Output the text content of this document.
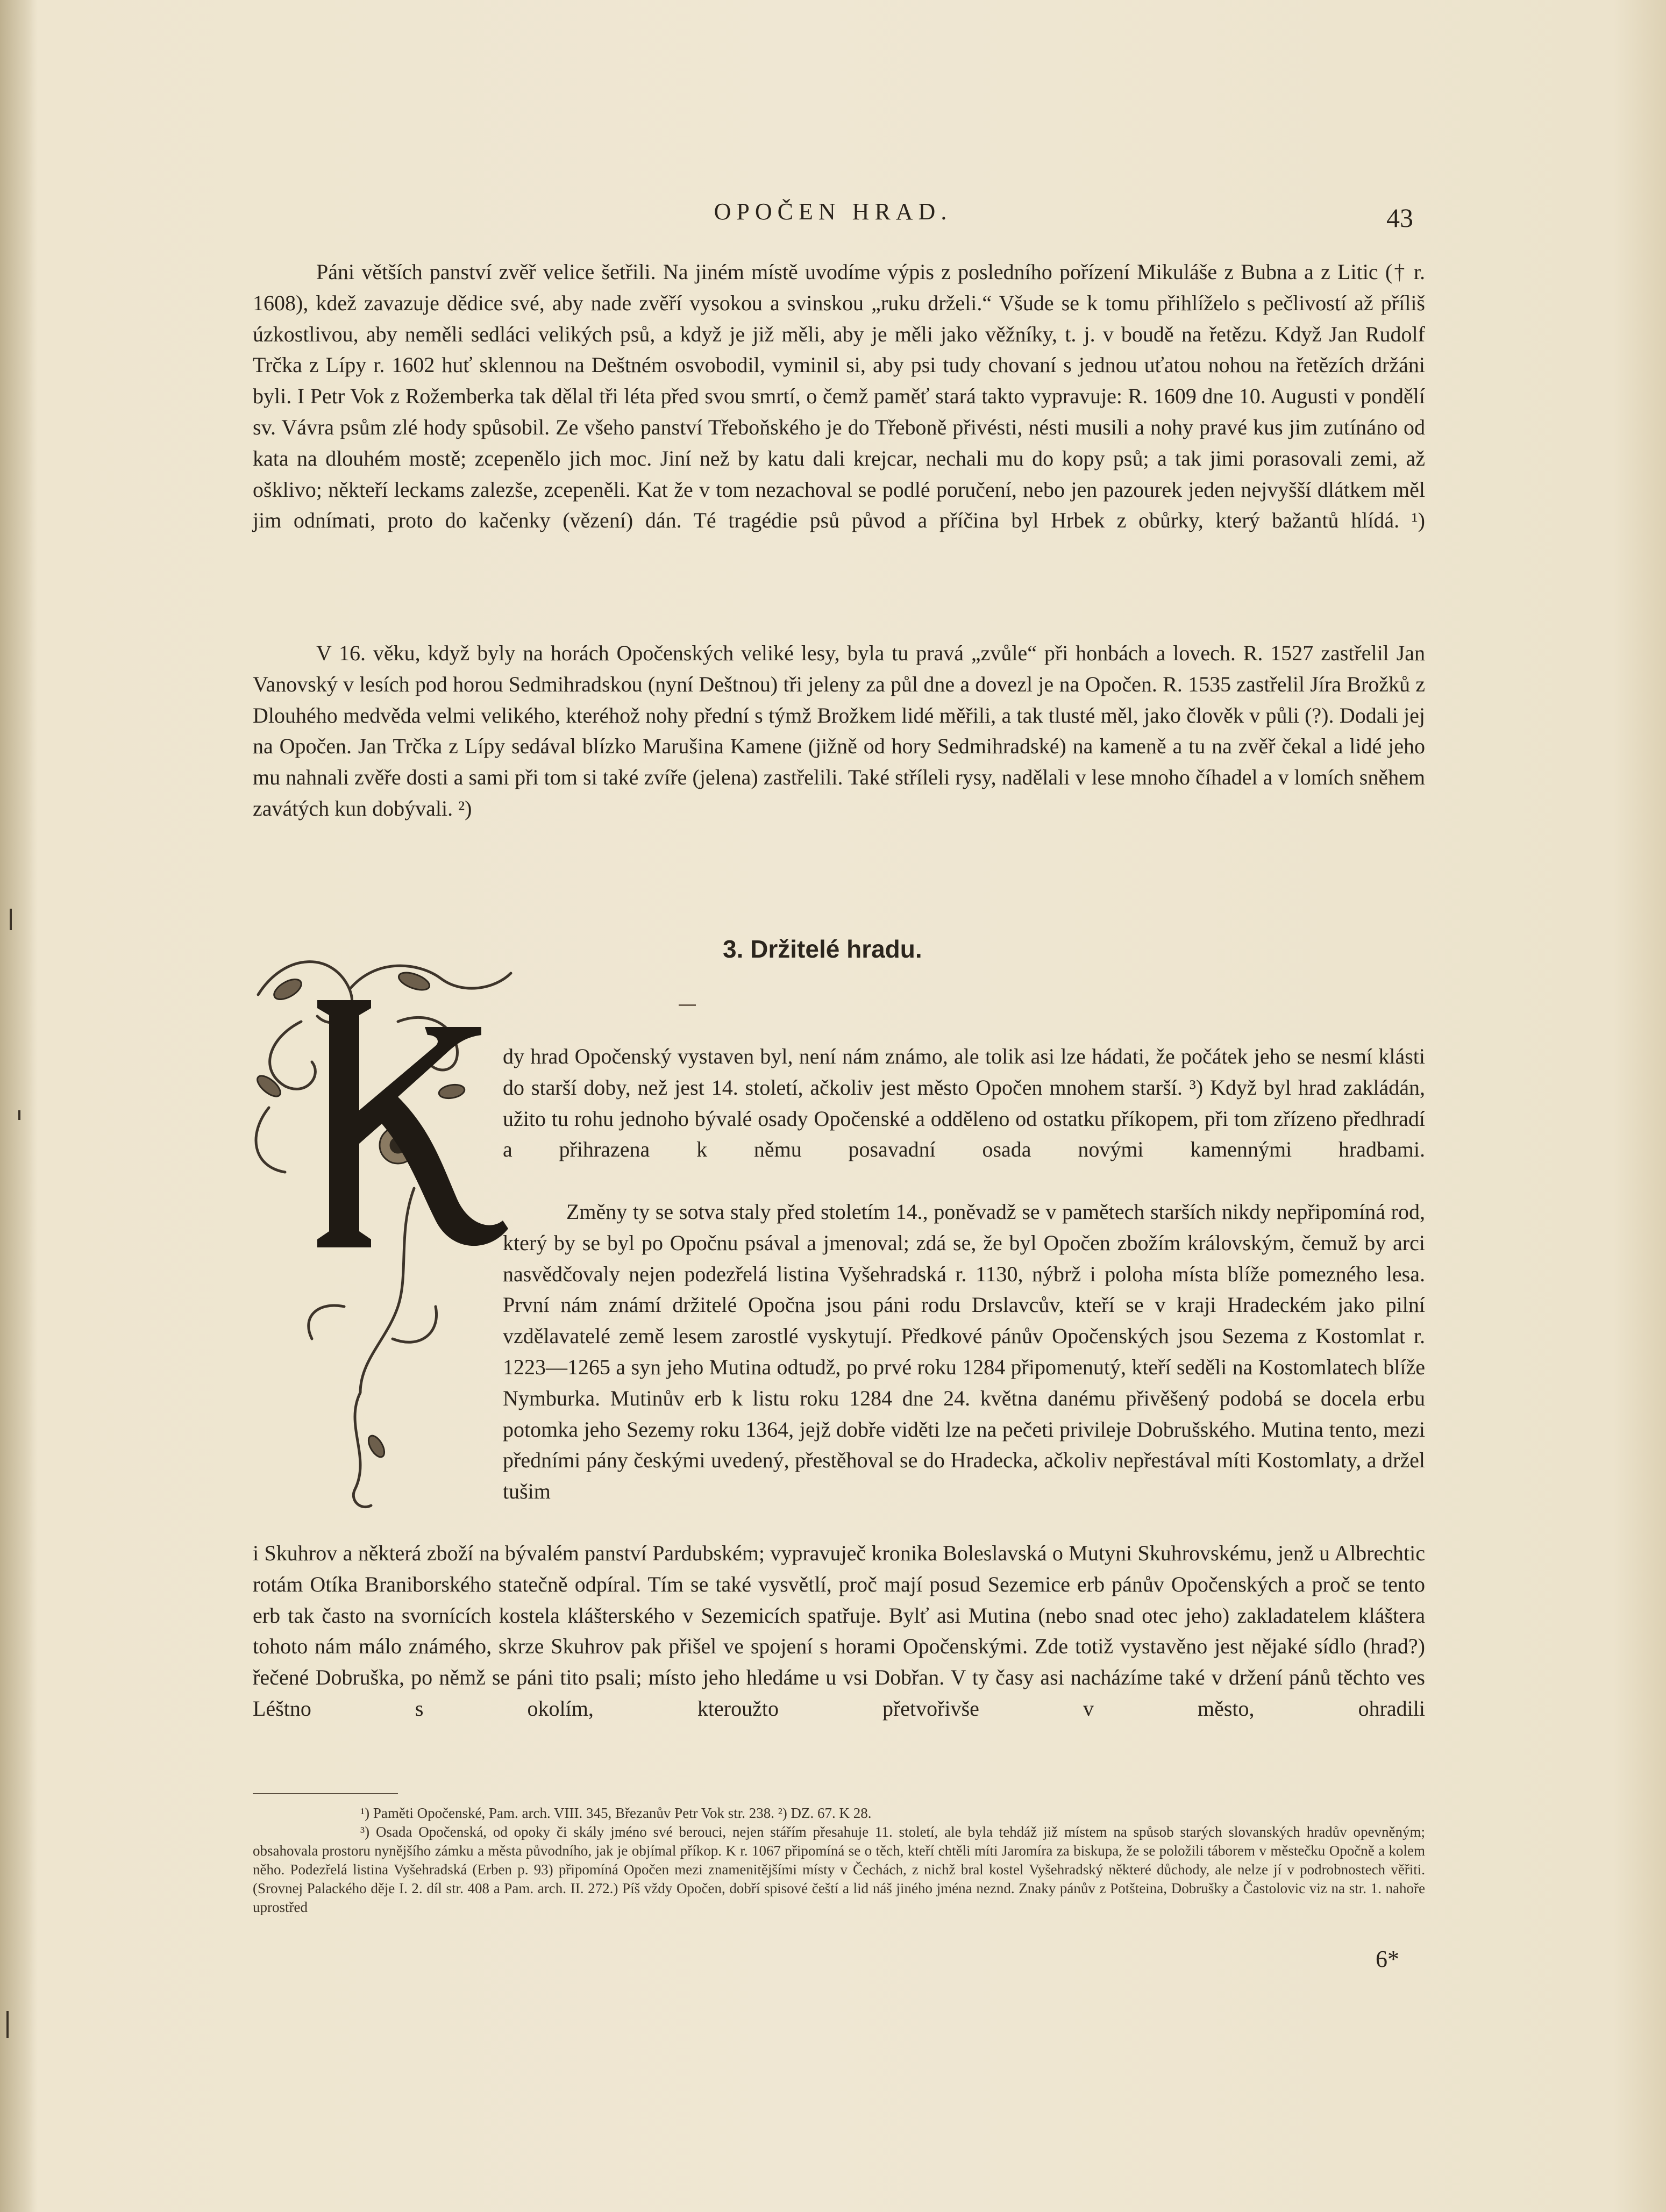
OPOČEN HRAD.	43

Páni větších panství zvěř velice šetřili. Na jiném místě uvodíme výpis z posledního pořízení Mikuláše z Bubna a z Litic († r. 1608), kdež zavazuje dědice své, aby nade zvěří vysokou a svinskou „ruku drželi.“ Všude se k tomu přihlíželo s pečlivostí až příliš úzkostlivou, aby neměli sedláci velikých psů, a když je již měli, aby je měli jako věžníky, t. j. v boudě na řetězu. Když Jan Rudolf Trčka z Lípy r. 1602 huť sklennou na Deštném osvobodil, vyminil si, aby psi tudy chovaní s jednou uťatou nohou na řetězích držáni byli. I Petr Vok z Rožemberka tak dělal tři léta před svou smrtí, o čemž paměť stará takto vypravuje: R. 1609 dne 10. Augusti v pondělí sv. Vávra psům zlé hody spůsobil. Ze všeho panství Třeboňského je do Třeboně přivésti, nésti musili a nohy pravé kus jim zutínáno od kata na dlouhém mostě; zcepenělo jich moc. Jiní než by katu dali krejcar, nechali mu do kopy psů; a tak jimi porasovali zemi, až ošklivo; někteří leckams zalezše, zcepeněli. Kat že v tom nezachoval se podlé poručení, nebo jen pazourek jeden nejvyšší dlátkem měl jim odnímati, proto do kačenky (vězení) dán. Té tragédie psů původ a příčina byl Hrbek z obůrky, který bažantů hlídá. ¹)

V 16. věku, když byly na horách Opočenských veliké lesy, byla tu pravá „zvůle“ při honbách a lovech. R. 1527 zastřelil Jan Vanovský v lesích pod horou Sedmihradskou (nyní Deštnou) tři jeleny za půl dne a dovezl je na Opočen. R. 1535 zastřelil Jíra Brožků z Dlouhého medvěda velmi velikého, kteréhož nohy přední s týmž Brožkem lidé měřili, a tak tlusté měl, jako člověk v půli (?). Dodali jej na Opočen. Jan Trčka z Lípy sedával blízko Marušina Kamene (jižně od hory Sedmihradské) na kameně a tu na zvěř čekal a lidé jeho mu nahnali zvěře dosti a sami při tom si také zvíře (jelena) zastřelili. Také stříleli rysy, nadělali v lese mnoho číhadel a v lomích sněhem zavátých kun dobývali. ²)

3. Držitelé hradu.

dy hrad Opočenský vystaven byl, není nám známo, ale tolik asi lze hádati, že počátek jeho se nesmí klásti do starší doby, než jest 14. století, ačkoliv jest město Opočen mnohem starší. ³) Když byl hrad zakládán, užito tu rohu jednoho bývalé osady Opočenské a odděleno od ostatku příkopem, při tom zřízeno předhradí a přihrazena k němu posavadní osada novými kamennými hradbami.

Změny ty se sotva staly před stoletím 14., poněvadž se v pamětech starších nikdy nepřipomíná rod, který by se byl po Opočnu psával a jmenoval; zdá se, že byl Opočen zbožím královským, čemuž by arci nasvědčovaly nejen podezřelá listina Vyšehradská r. 1130, nýbrž i poloha místa blíže pomezného lesa. První nám známí držitelé Opočna jsou páni rodu Drslavcův, kteří se v kraji Hradeckém jako pilní vzdělavatelé země lesem zarostlé vyskytují. Předkové pánův Opočenských jsou Sezema z Kostomlat r. 1223—1265 a syn jeho Mutina odtudž, po prvé roku 1284 připomenutý, kteří seděli na Kostomlatech blíže Nymburka. Mutinův erb k listu roku 1284 dne 24. května danému přivěšený podobá se docela erbu potomka jeho Sezemy roku 1364, jejž dobře viděti lze na pečeti privileje Dobrušského. Mutina tento, mezi předními pány českými uvedený, přestěhoval se do Hradecka, ačkoliv nepřestával míti Kostomlaty, a držel tušim

i Skuhrov a některá zboží na bývalém panství Pardubském; vypravuječ kronika Boleslavská o Mutyni Skuhrovskému, jenž u Albrechtic rotám Otíka Braniborského statečně odpíral. Tím se také vysvětlí, proč mají posud Sezemice erb pánův Opočenských a proč se tento erb tak často na svornících kostela klášterského v Sezemicích spatřuje. Bylť asi Mutina (nebo snad otec jeho) zakladatelem kláštera tohoto nám málo známého, skrze Skuhrov pak přišel ve spojení s horami Opočenskými. Zde totiž vystavěno jest nějaké sídlo (hrad?) řečené Dobruška, po němž se páni tito psali; místo jeho hledáme u vsi Dobřan. V ty časy asi nacházíme také v držení pánů těchto ves Léštno s okolím, kteroužto přetvořivše v město, ohradili

¹) Paměti Opočenské, Pam. arch. VIII. 345, Březanův Petr Vok str. 238. ²) DZ. 67. K 28.

³) Osada Opočenská, od opoky či skály jméno své berouci, nejen stářím přesahuje 11. století, ale byla tehdáž již místem na spůsob starých slovanských hradův opevněným; obsahovala prostoru nynějšího zámku a města původního, jak je objímal příkop. K r. 1067 připomíná se o těch, kteří chtěli míti Jaromíra za biskupa, že se položili táborem v městečku Opočně a kolem něho. Podezřelá listina Vyšehradská (Erben p. 93) připomíná Opočen mezi znamenitějšími místy v Čechách, z nichž bral kostel Vyšehradský některé důchody, ale nelze jí v podrobnostech věřiti. (Srovnej Palackého děje I. 2. díl str. 408 a Pam. arch. II. 272.) Píš vždy Opočen, dobří spisové čeští a lid náš jiného jména neznd. Znaky pánův z Potšteina, Dobrušky a Častolovic viz na str. 1. nahoře uprostřed

6*
